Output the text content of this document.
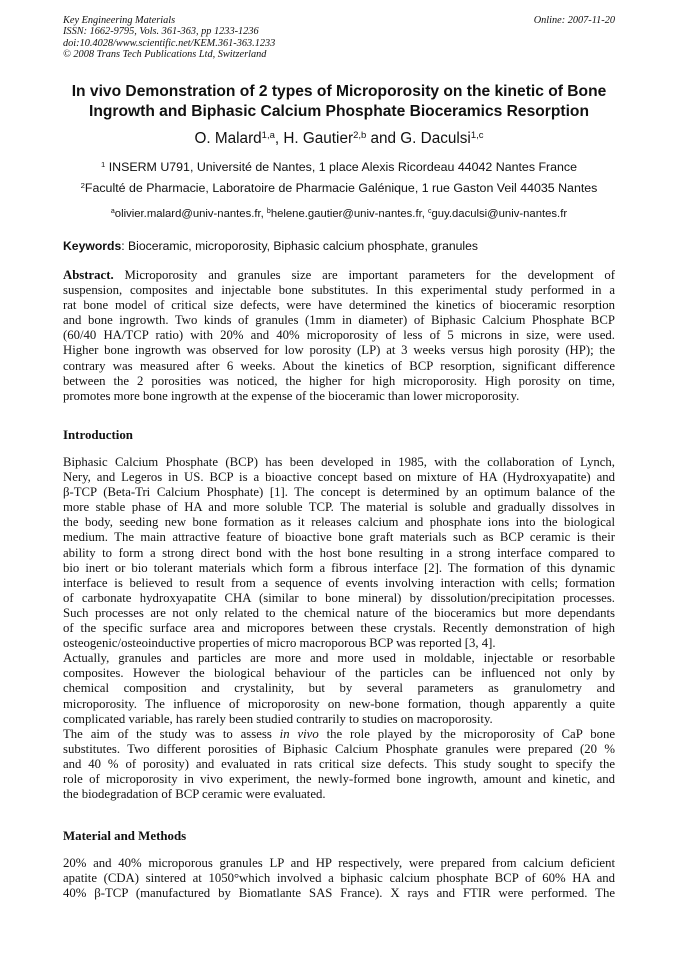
Key Engineering Materials
ISSN: 1662-9795, Vols. 361-363, pp 1233-1236
doi:10.4028/www.scientific.net/KEM.361-363.1233
© 2008 Trans Tech Publications Ltd, Switzerland
Online: 2007-11-20
In vivo Demonstration of 2 types of Microporosity on the kinetic of Bone
Ingrowth and Biphasic Calcium Phosphate Bioceramics Resorption
O. Malard$^{1,a}$, H. Gautier$^{2,b}$ and G. Daculsi$^{1,c}$
$^1$ INSERM U791, Université de Nantes, 1 place Alexis Ricordeau 44042 Nantes France
$^2$Faculté de Pharmacie, Laboratoire de Pharmacie Galénique, 1 rue Gaston Veil 44035 Nantes
$^a$olivier.malard@univ-nantes.fr, $^b$helene.gautier@univ-nantes.fr, $^c$guy.daculsi@univ-nantes.fr
Keywords: Bioceramic, microporosity, Biphasic calcium phosphate, granules
Abstract. Microporosity and granules size are important parameters for the development of
suspension, composites and injectable bone substitutes. In this experimental study performed in a
rat bone model of critical size defects, were have determined the kinetics of bioceramic resorption
and bone ingrowth. Two kinds of granules (1mm in diameter) of Biphasic Calcium Phosphate BCP
(60/40 HA/TCP ratio) with 20% and 40% microporosity of less of 5 microns in size, were used.
Higher bone ingrowth was observed for low porosity (LP) at 3 weeks versus high porosity (HP); the
contrary was measured after 6 weeks. About the kinetics of BCP resorption, significant difference
between the 2 porosities was noticed, the higher for high microporosity. High porosity on time,
promotes more bone ingrowth at the expense of the bioceramic than lower microporosity.
Introduction
Biphasic Calcium Phosphate (BCP) has been developed in 1985, with the collaboration of Lynch,
Nery, and Legeros in US. BCP is a bioactive concept based on mixture of HA (Hydroxyapatite) and
β-TCP (Beta-Tri Calcium Phosphate) [1]. The concept is determined by an optimum balance of the
more stable phase of HA and more soluble TCP. The material is soluble and gradually dissolves in
the body, seeding new bone formation as it releases calcium and phosphate ions into the biological
medium. The main attractive feature of bioactive bone graft materials such as BCP ceramic is their
ability to form a strong direct bond with the host bone resulting in a strong interface compared to
bio inert or bio tolerant materials which form a fibrous interface [2]. The formation of this dynamic
interface is believed to result from a sequence of events involving interaction with cells; formation
of carbonate hydroxyapatite CHA (similar to bone mineral) by dissolution/precipitation processes.
Such processes are not only related to the chemical nature of the bioceramics but more dependants
of the specific surface area and micropores between these crystals. Recently demonstration of high
osteogenic/osteoinductive properties of micro macroporous BCP was reported [3, 4].
Actually, granules and particles are more and more used in moldable, injectable or resorbable
composites. However the biological behaviour of the particles can be influenced not only by
chemical composition and crystalinity, but by several parameters as granulometry and
microporosity. The influence of microporosity on new-bone formation, though apparently a quite
complicated variable, has rarely been studied contrarily to studies on macroporosity.
The aim of the study was to assess in vivo the role played by the microporosity of CaP bone
substitutes. Two different porosities of Biphasic Calcium Phosphate granules were prepared (20 %
and 40 % of porosity) and evaluated in rats critical size defects. This study sought to specify the
role of microporosity in vivo experiment, the newly-formed bone ingrowth, amount and kinetic, and
the biodegradation of BCP ceramic were evaluated.
Material and Methods
20% and 40% microporous granules LP and HP respectively, were prepared from calcium deficient
apatite (CDA) sintered at 1050°which involved a biphasic calcium phosphate BCP of 60% HA and
40% β-TCP (manufactured by Biomatlante SAS France). X rays and FTIR were performed. The
